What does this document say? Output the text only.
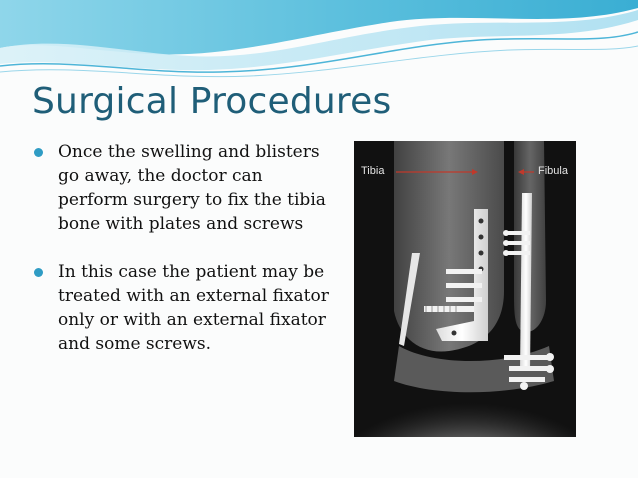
Surgical Procedures
Once the swelling and blisters go away, the doctor can perform surgery to fix the tibia bone with plates and screws
In this case the patient may be treated with an external fixator only or with an external fixator and some screws.
Tibia	Fibula
